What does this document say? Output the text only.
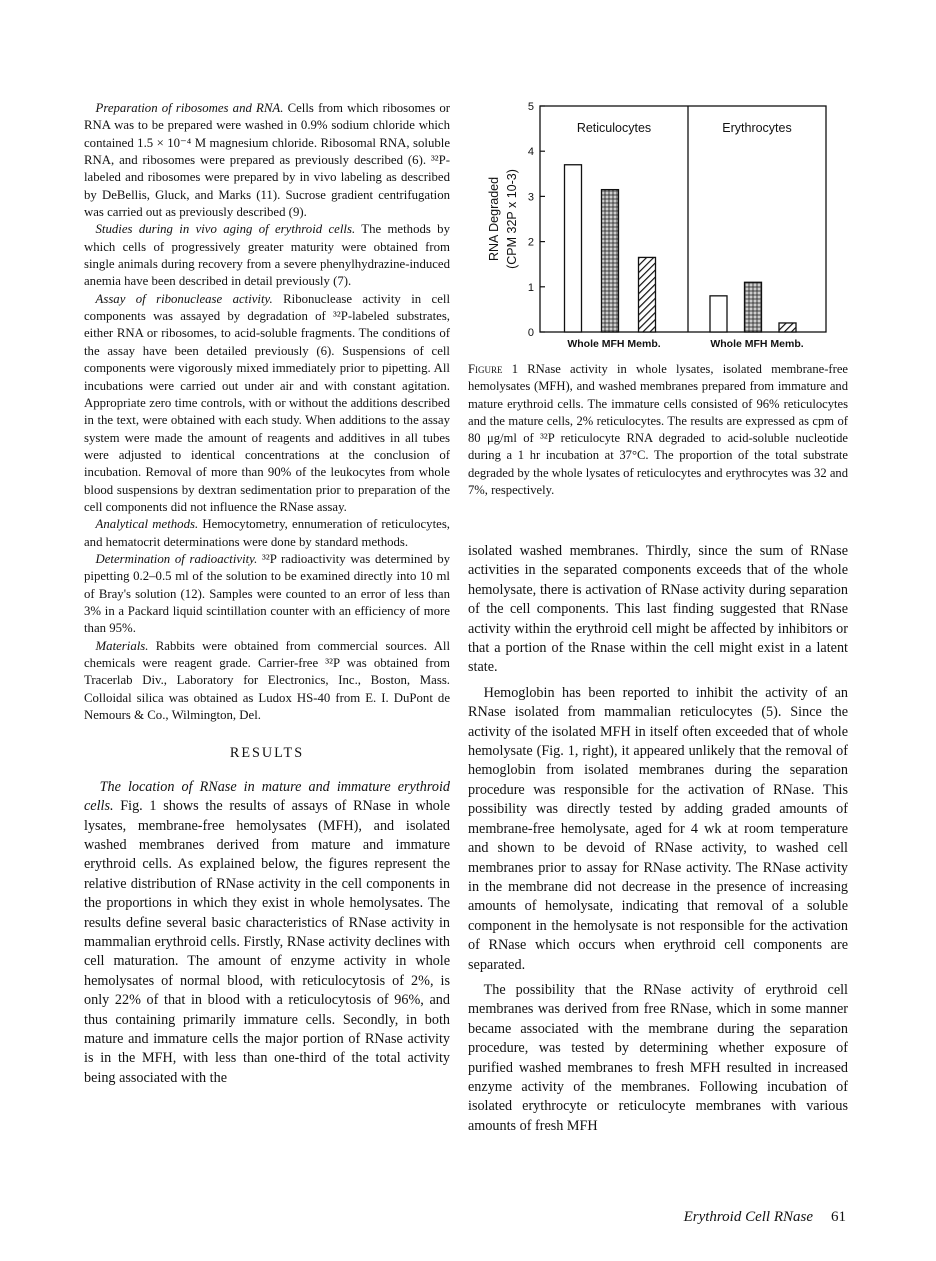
Preparation of ribosomes and RNA. Cells from which ribosomes or RNA was to be prepared were washed in 0.9% sodium chloride which contained 1.5 × 10⁻⁴ M magnesium chloride. Ribosomal RNA, soluble RNA, and ribosomes were prepared as previously described (6). ³²P-labeled and ribosomes were prepared by in vivo labeling as described by DeBellis, Gluck, and Marks (11). Sucrose gradient centrifugation was carried out as previously described (9).

Studies during in vivo aging of erythroid cells. The methods by which cells of progressively greater maturity were obtained from single animals during recovery from a severe phenylhydrazine-induced anemia have been described in detail previously (7).

Assay of ribonuclease activity. Ribonuclease activity in cell components was assayed by degradation of ³²P-labeled substrates, either RNA or ribosomes, to acid-soluble fragments. The conditions of the assay have been detailed previously (6). Suspensions of cell components were vigorously mixed immediately prior to pipetting. All incubations were carried out under air and with constant agitation. Appropriate zero time controls, with or without the additions described in the text, were obtained with each study. When additions to the assay system were made the amount of reagents and additives in all tubes were adjusted to identical concentrations at the conclusion of incubation. Removal of more than 90% of the leukocytes from whole blood suspensions by dextran sedimentation prior to preparation of the cell components did not influence the RNase assay.

Analytical methods. Hemocytometry, ennumeration of reticulocytes, and hematocrit determinations were done by standard methods.

Determination of radioactivity. ³²P radioactivity was determined by pipetting 0.2–0.5 ml of the solution to be examined directly into 10 ml of Bray's solution (12). Samples were counted to an error of less than 3% in a Packard liquid scintillation counter with an efficiency of more than 95%.

Materials. Rabbits were obtained from commercial sources. All chemicals were reagent grade. Carrier-free ³²P was obtained from Tracerlab Div., Laboratory for Electronics, Inc., Boston, Mass. Colloidal silica was obtained as Ludox HS-40 from E. I. DuPont de Nemours & Co., Wilmington, Del.

RESULTS

The location of RNase in mature and immature erythroid cells. Fig. 1 shows the results of assays of RNase in whole lysates, membrane-free hemolysates (MFH), and isolated washed membranes derived from mature and immature erythroid cells. As explained below, the figures represent the relative distribution of RNase activity in the cell components in the proportions in which they exist in whole hemolysates. The results define several basic characteristics of RNase activity in mammalian erythroid cells. Firstly, RNase activity declines with cell maturation. The amount of enzyme activity in whole hemolysates of normal blood, with reticulocytosis of 2%, is only 22% of that in blood with a reticulocytosis of 96%, and thus containing primarily immature cells. Secondly, in both mature and immature cells the major portion of RNase activity is in the MFH, with less than one-third of the total activity being associated with the

0
1
2
3
4
5
RNA Degraded (CPM 32P x 10-3)
Reticulocytes
Whole MFH Memb.
Erythrocytes
Whole MFH Memb.
Figure 1 RNase activity in whole lysates, isolated membrane-free hemolysates (MFH), and washed membranes prepared from immature and mature erythroid cells. The immature cells consisted of 96% reticulocytes and the mature cells, 2% reticulocytes. The results are expressed as cpm of 80 μg/ml of ³²P reticulocyte RNA degraded to acid-soluble nucleotide during a 1 hr incubation at 37°C. The proportion of the total substrate degraded by the whole lysates of reticulocytes and erythrocytes was 32 and 7%, respectively.

isolated washed membranes. Thirdly, since the sum of RNase activities in the separated components exceeds that of the whole hemolysate, there is activation of RNase activity during separation of the cell components. This last finding suggested that RNase activity within the erythroid cell might be affected by inhibitors or that a portion of the Rnase within the cell might exist in a latent state.

Hemoglobin has been reported to inhibit the activity of an RNase isolated from mammalian reticulocytes (5). Since the activity of the isolated MFH in itself often exceeded that of whole hemolysate (Fig. 1, right), it appeared unlikely that the removal of hemoglobin from isolated membranes during the separation procedure was responsible for the activation of RNase. This possibility was directly tested by adding graded amounts of membrane-free hemolysate, aged for 4 wk at room temperature and shown to be devoid of RNase activity, to washed cell membranes prior to assay for RNase activity. The RNase activity in the membrane did not decrease in the presence of increasing amounts of hemolysate, indicating that removal of a soluble component in the hemolysate is not responsible for the activation of RNase which occurs when erythroid cell components are separated.

The possibility that the RNase activity of erythroid cell membranes was derived from free RNase, which in some manner became associated with the membrane during the separation procedure, was tested by determining whether exposure of purified washed membranes to fresh MFH resulted in increased enzyme activity of the membranes. Following incubation of isolated erythrocyte or reticulocyte membranes with various amounts of fresh MFH

Erythroid Cell RNase 61
